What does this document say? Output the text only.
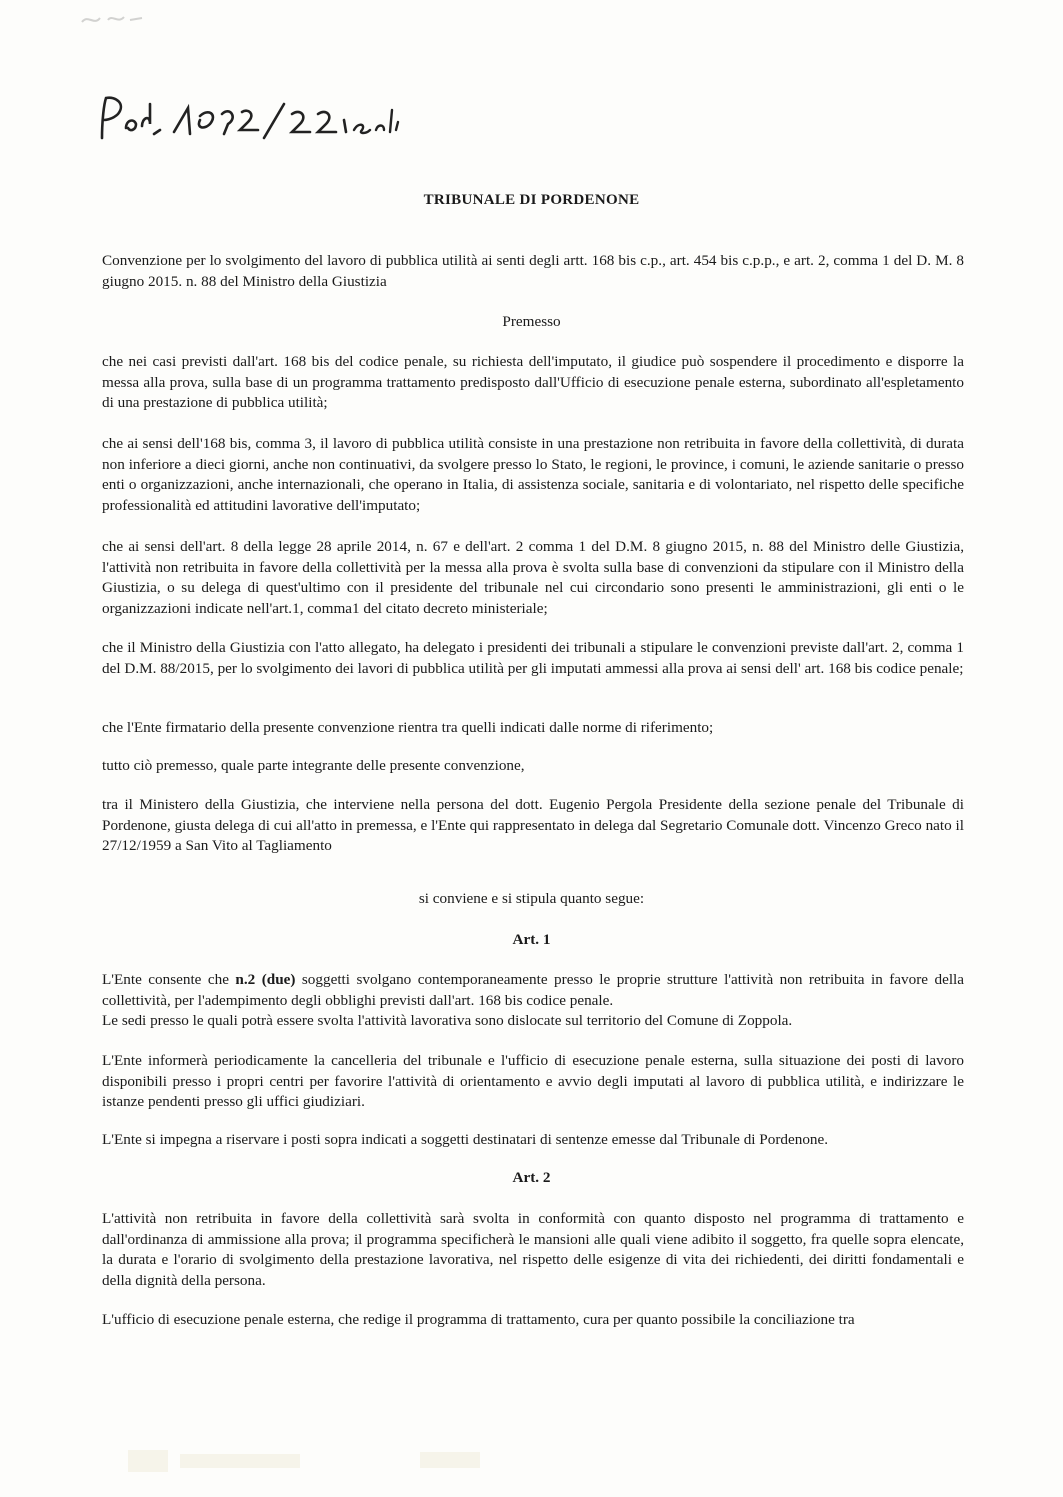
TRIBUNALE DI PORDENONE
Convenzione per lo svolgimento del lavoro di pubblica utilità ai senti degli artt. 168 bis c.p., art. 454 bis c.p.p., e art. 2, comma 1 del D. M. 8 giugno 2015. n. 88 del Ministro della Giustizia
Premesso
che nei casi previsti dall'art. 168 bis del codice penale, su richiesta dell'imputato, il giudice può sospendere il procedimento e disporre la messa alla prova, sulla base di un programma trattamento predisposto dall'Ufficio di esecuzione penale esterna, subordinato all'espletamento di una prestazione di pubblica utilità;
che ai sensi dell'168 bis, comma 3, il lavoro di pubblica utilità consiste in una prestazione non retribuita in favore della collettività, di durata non inferiore a dieci giorni, anche non continuativi, da svolgere presso lo Stato, le regioni, le province, i comuni, le aziende sanitarie o presso enti o organizzazioni, anche internazionali, che operano in Italia, di assistenza sociale, sanitaria e di volontariato, nel rispetto delle specifiche professionalità ed attitudini lavorative dell'imputato;
che ai sensi dell'art. 8 della legge 28 aprile 2014, n. 67 e dell'art. 2 comma 1 del D.M. 8 giugno 2015, n. 88 del Ministro delle Giustizia, l'attività non retribuita in favore della collettività per la messa alla prova è svolta sulla base di convenzioni da stipulare con il Ministro della Giustizia, o su delega di quest'ultimo con il presidente del tribunale nel cui circondario sono presenti le amministrazioni, gli enti o le organizzazioni indicate nell'art.1, comma1 del citato decreto ministeriale;
che il Ministro della Giustizia con l'atto allegato, ha delegato i presidenti dei tribunali a stipulare le convenzioni previste dall'art. 2, comma 1 del D.M. 88/2015, per lo svolgimento dei lavori di pubblica utilità per gli imputati ammessi alla prova ai sensi dell' art. 168 bis codice penale;
che l'Ente firmatario della presente convenzione rientra tra quelli indicati dalle norme di riferimento;
tutto ciò premesso, quale parte integrante delle presente convenzione,
tra il Ministero della Giustizia, che interviene nella persona del dott. Eugenio Pergola Presidente della sezione penale del Tribunale di Pordenone, giusta delega di cui all'atto in premessa, e l'Ente qui rappresentato in delega dal Segretario Comunale dott. Vincenzo Greco nato il 27/12/1959 a San Vito al Tagliamento
si conviene e si stipula quanto segue:
Art. 1
L'Ente consente che n.2 (due) soggetti svolgano contemporaneamente presso le proprie strutture l'attività non retribuita in favore della collettività, per l'adempimento degli obblighi previsti dall'art. 168 bis codice penale.
Le sedi presso le quali potrà essere svolta l'attività lavorativa sono dislocate sul territorio del Comune di Zoppola.
L'Ente informerà periodicamente la cancelleria del tribunale e l'ufficio di esecuzione penale esterna, sulla situazione dei posti di lavoro disponibili presso i propri centri per favorire l'attività di orientamento e avvio degli imputati al lavoro di pubblica utilità, e indirizzare le istanze pendenti presso gli uffici giudiziari.
L'Ente si impegna a riservare i posti sopra indicati a soggetti destinatari di sentenze emesse dal Tribunale di Pordenone.
Art. 2
L'attività non retribuita in favore della collettività sarà svolta in conformità con quanto disposto nel programma di trattamento e dall'ordinanza di ammissione alla prova; il programma specificherà le mansioni alle quali viene adibito il soggetto, fra quelle sopra elencate, la durata e l'orario di svolgimento della prestazione lavorativa, nel rispetto delle esigenze di vita dei richiedenti, dei diritti fondamentali e della dignità della persona.
L'ufficio di esecuzione penale esterna, che redige il programma di trattamento, cura per quanto possibile la conciliazione tra
